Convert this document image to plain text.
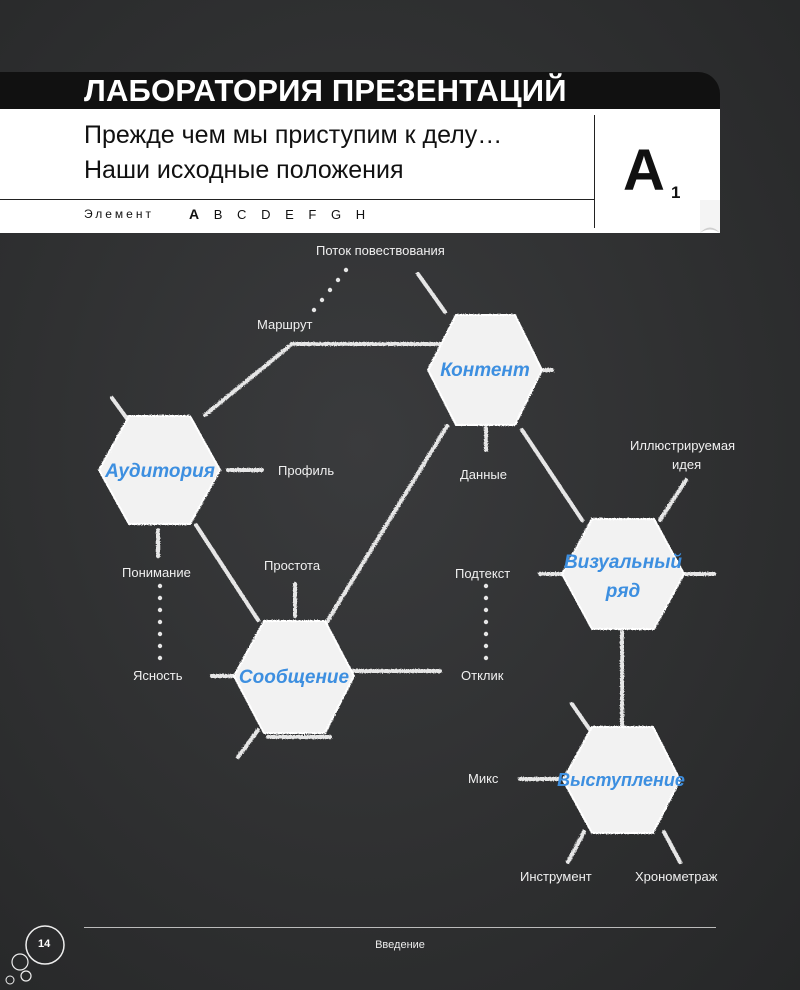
ЛАБОРАТОРИЯ ПРЕЗЕНТАЦИЙ
Прежде чем мы приступим к делу…
Наши исходные положения	A 1
Элемент	A B C D E F G H
Контент
Аудитория
Сообщение
Визуальный
ряд
Выступление
Поток повествования
Маршрут
Профиль	Данные
Иллюстрируемая
идея
Понимание	Простота
Ясность
Подтекст
Отклик
Микс
Инструмент	Хронометраж
14	Введение
